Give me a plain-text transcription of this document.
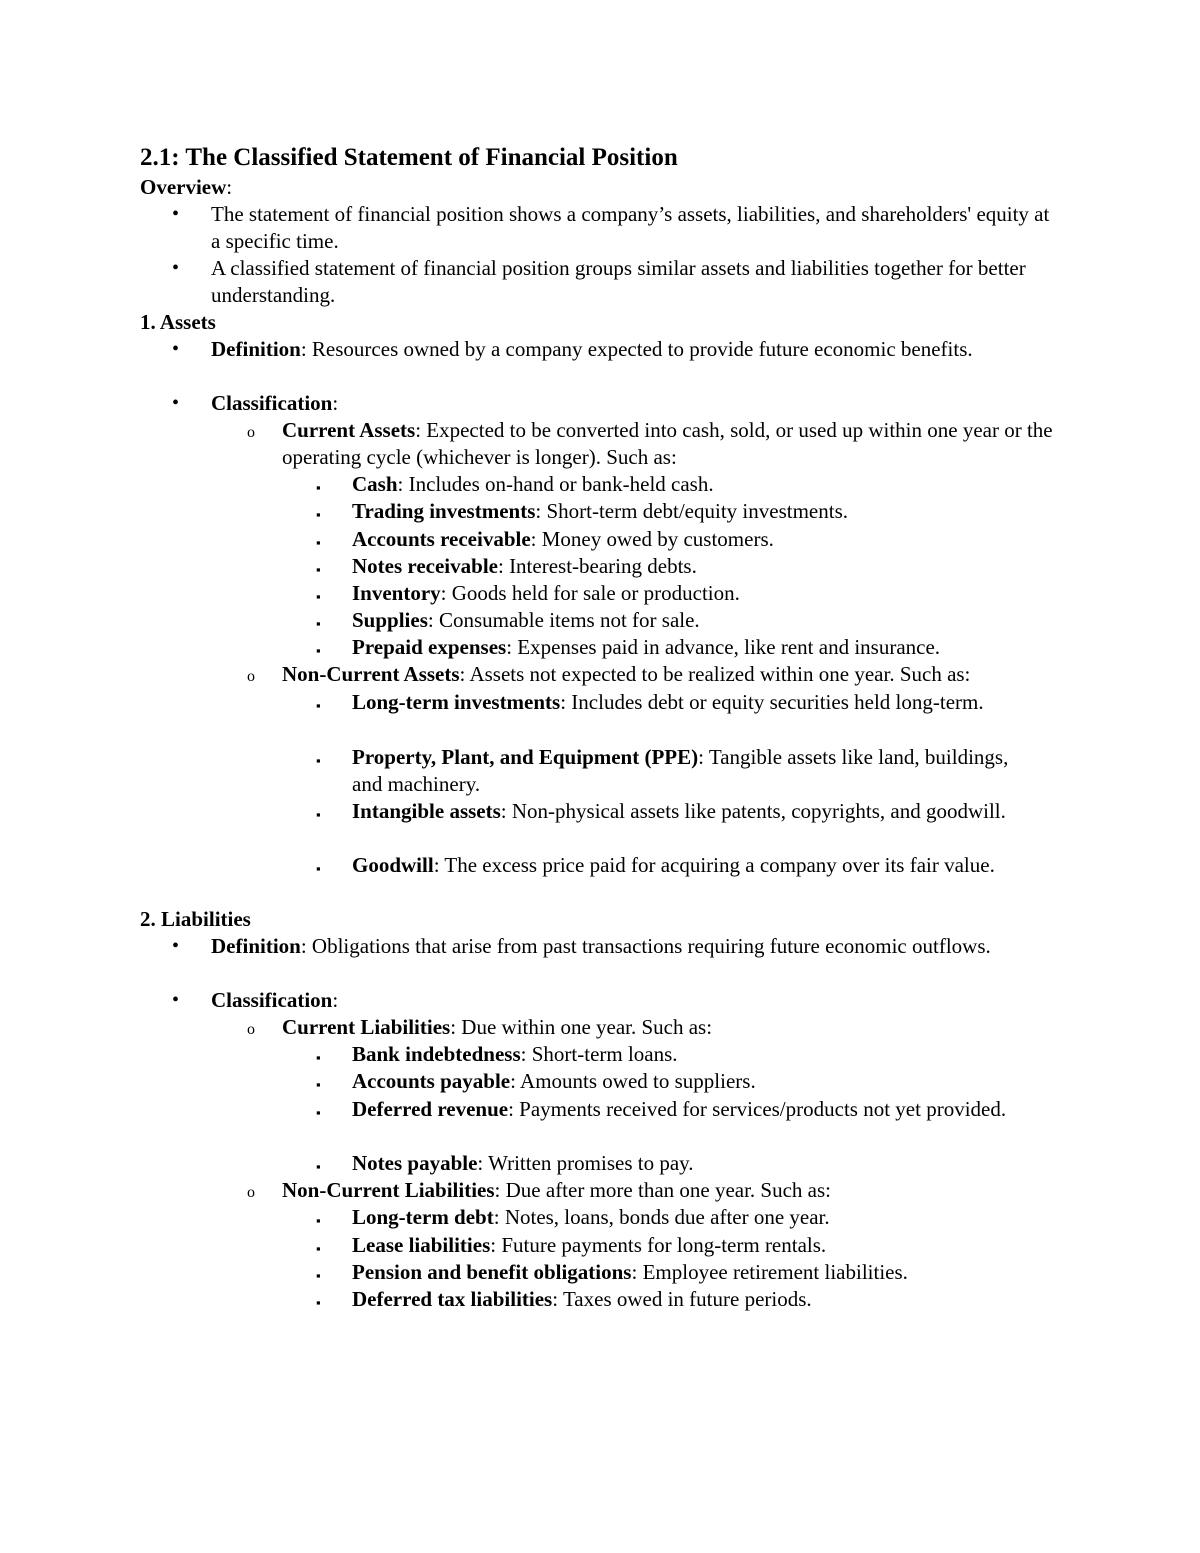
2.1: The Classified Statement of Financial Position
Overview:
• The statement of financial position shows a company’s assets, liabilities, and shareholders' equity at a specific time.
• A classified statement of financial position groups similar assets and liabilities together for better understanding.
1. Assets
• Definition: Resources owned by a company expected to provide future economic benefits.
• Classification:
o Current Assets: Expected to be converted into cash, sold, or used up within one year or the operating cycle (whichever is longer). Such as:
▪ Cash: Includes on-hand or bank-held cash.
▪ Trading investments: Short-term debt/equity investments.
▪ Accounts receivable: Money owed by customers.
▪ Notes receivable: Interest-bearing debts.
▪ Inventory: Goods held for sale or production.
▪ Supplies: Consumable items not for sale.
▪ Prepaid expenses: Expenses paid in advance, like rent and insurance.
o Non-Current Assets: Assets not expected to be realized within one year. Such as:
▪ Long-term investments: Includes debt or equity securities held long-term.
▪ Property, Plant, and Equipment (PPE): Tangible assets like land, buildings, and machinery.
▪ Intangible assets: Non-physical assets like patents, copyrights, and goodwill.
▪ Goodwill: The excess price paid for acquiring a company over its fair value.
2. Liabilities
• Definition: Obligations that arise from past transactions requiring future economic outflows.
• Classification:
o Current Liabilities: Due within one year. Such as:
▪ Bank indebtedness: Short-term loans.
▪ Accounts payable: Amounts owed to suppliers.
▪ Deferred revenue: Payments received for services/products not yet provided.
▪ Notes payable: Written promises to pay.
o Non-Current Liabilities: Due after more than one year. Such as:
▪ Long-term debt: Notes, loans, bonds due after one year.
▪ Lease liabilities: Future payments for long-term rentals.
▪ Pension and benefit obligations: Employee retirement liabilities.
▪ Deferred tax liabilities: Taxes owed in future periods.
